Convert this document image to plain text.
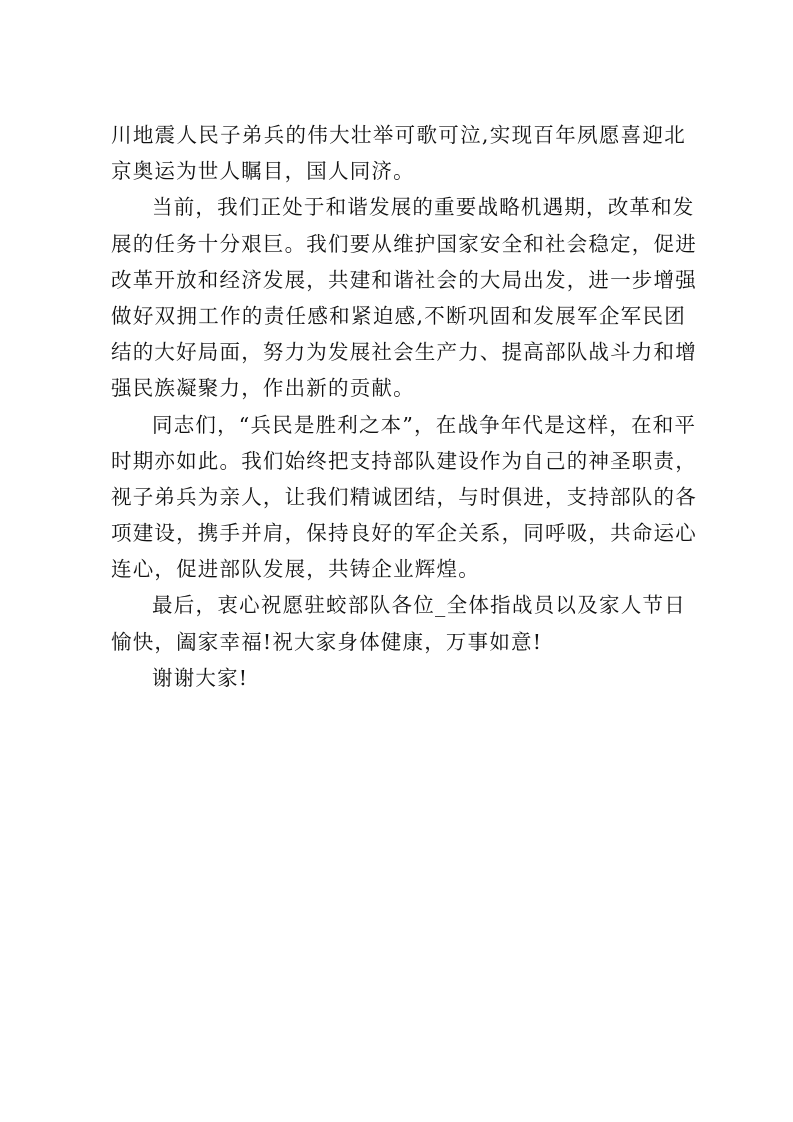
川地震人民子弟兵的伟大壮举可歌可泣,实现百年夙愿喜迎北
京奥运为世人瞩目，国人同济。
当前，我们正处于和谐发展的重要战略机遇期，改革和发
展的任务十分艰巨。我们要从维护国家安全和社会稳定，促进
改革开放和经济发展，共建和谐社会的大局出发，进一步增强
做好双拥工作的责任感和紧迫感,不断巩固和发展军企军民团
结的大好局面，努力为发展社会生产力、提高部队战斗力和增
强民族凝聚力，作出新的贡献。
同志们，“兵民是胜利之本”，在战争年代是这样，在和平
时期亦如此。我们始终把支持部队建设作为自己的神圣职责，
视子弟兵为亲人，让我们精诚团结，与时俱进，支持部队的各
项建设，携手并肩，保持良好的军企关系，同呼吸，共命运心
连心，促进部队发展，共铸企业辉煌。
最后，衷心祝愿驻蛟部队各位_全体指战员以及家人节日
愉快，阖家幸福!祝大家身体健康，万事如意!
谢谢大家!
